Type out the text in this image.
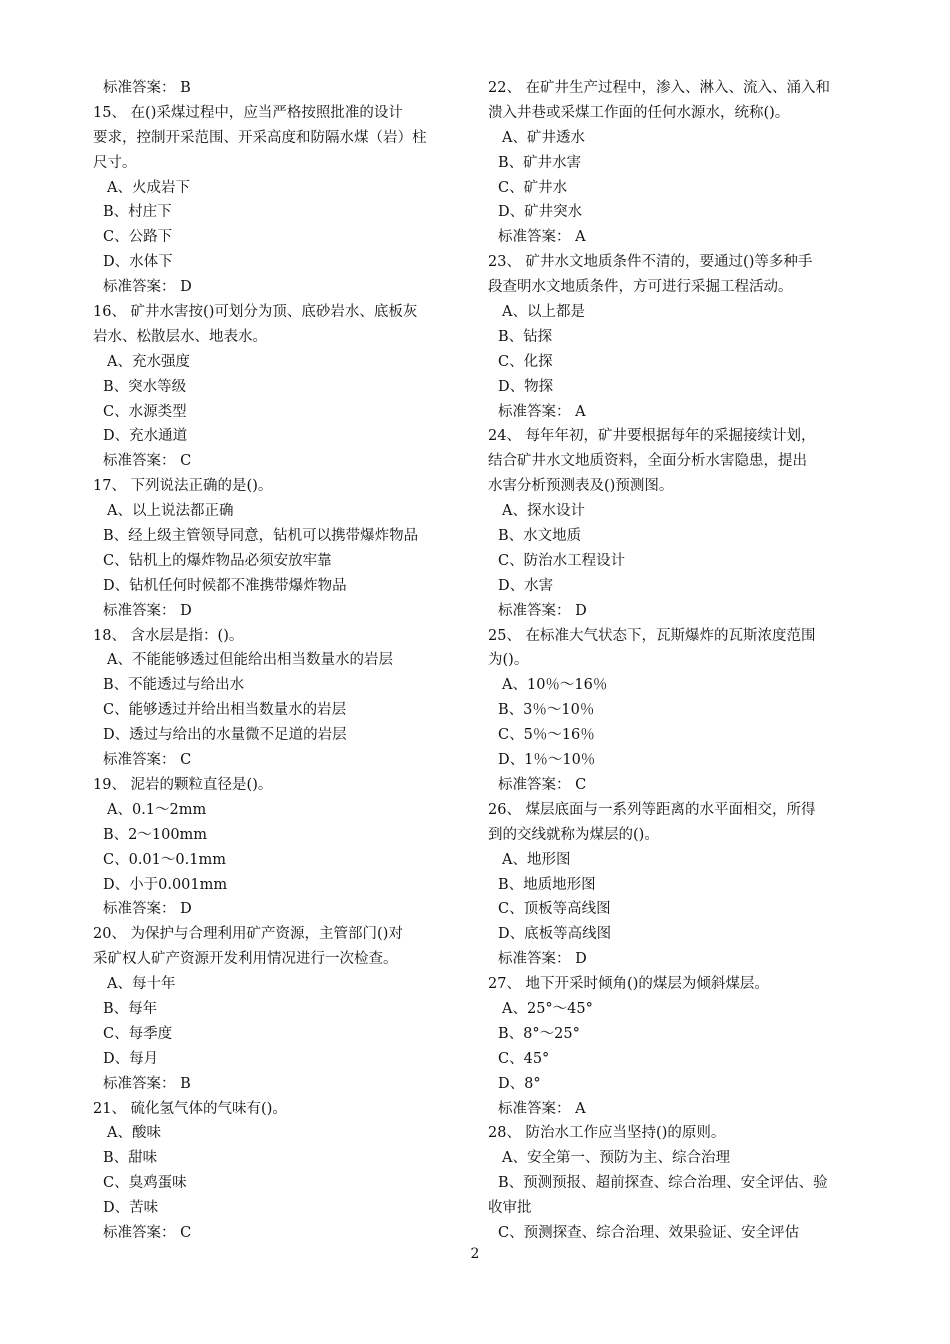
标准答案： B
15、 在()采煤过程中，应当严格按照批准的设计
要求，控制开采范围、开采高度和防隔水煤（岩）柱
尺寸。
A、火成岩下
B、村庄下
C、公路下
D、水体下
标准答案： D
16、 矿井水害按()可划分为顶、底砂岩水、底板灰
岩水、松散层水、地表水。
A、充水强度
B、突水等级
C、水源类型
D、充水通道
标准答案： C
17、 下列说法正确的是()。
A、以上说法都正确
B、经上级主管领导同意，钻机可以携带爆炸物品
C、钻机上的爆炸物品必须安放牢靠
D、钻机任何时候都不准携带爆炸物品
标准答案： D
18、 含水层是指：()。
A、不能能够透过但能给出相当数量水的岩层
B、不能透过与给出水
C、能够透过并给出相当数量水的岩层
D、透过与给出的水量微不足道的岩层
标准答案： C
19、 泥岩的颗粒直径是()。
A、0.1～2mm
B、2～100mm
C、0.01～0.1mm
D、小于0.001mm
标准答案： D
20、 为保护与合理利用矿产资源，主管部门()对
采矿权人矿产资源开发利用情况进行一次检查。
A、每十年
B、每年
C、每季度
D、每月
标准答案： B
21、 硫化氢气体的气味有()。
A、酸味
B、甜味
C、臭鸡蛋味
D、苦味
标准答案： C
22、 在矿井生产过程中，渗入、淋入、流入、涌入和
溃入井巷或采煤工作面的任何水源水，统称()。
A、矿井透水
B、矿井水害
C、矿井水
D、矿井突水
标准答案： A
23、 矿井水文地质条件不清的，要通过()等多种手
段查明水文地质条件，方可进行采掘工程活动。
A、以上都是
B、钻探
C、化探
D、物探
标准答案： A
24、 每年年初，矿井要根据每年的采掘接续计划，
结合矿井水文地质资料，全面分析水害隐患，提出
水害分析预测表及()预测图。
A、探水设计
B、水文地质
C、防治水工程设计
D、水害
标准答案： D
25、 在标准大气状态下，瓦斯爆炸的瓦斯浓度范围
为()。
A、10％～16％
B、3％～10％
C、5％～16％
D、1％～10％
标准答案： C
26、 煤层底面与一系列等距离的水平面相交，所得
到的交线就称为煤层的()。
A、地形图
B、地质地形图
C、顶板等高线图
D、底板等高线图
标准答案： D
27、 地下开采时倾角()的煤层为倾斜煤层。
A、25°～45°
B、8°～25°
C、45°
D、8°
标准答案： A
28、 防治水工作应当坚持()的原则。
A、安全第一、预防为主、综合治理
B、预测预报、超前探查、综合治理、安全评估、验
收审批
C、预测探查、综合治理、效果验证、安全评估
2
